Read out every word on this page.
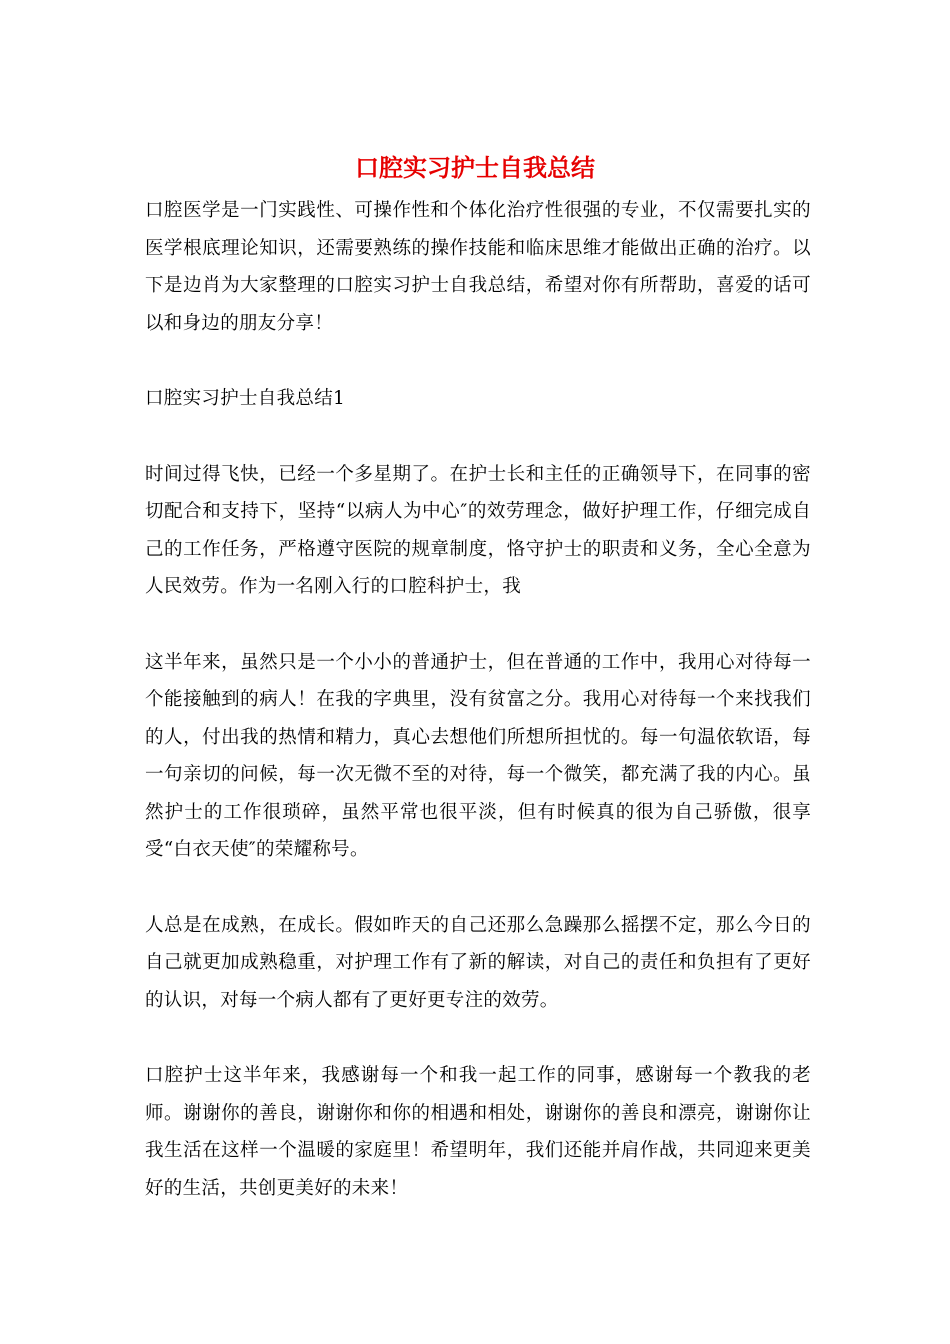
口腔实习护士自我总结

口腔医学是一门实践性、可操作性和个体化治疗性很强的专业，不仅需要扎实的医学根底理论知识，还需要熟练的操作技能和临床思维才能做出正确的治疗。以下是边肖为大家整理的口腔实习护士自我总结，希望对你有所帮助，喜爱的话可以和身边的朋友分享！

口腔实习护士自我总结1

时间过得飞快，已经一个多星期了。在护士长和主任的正确领导下，在同事的密切配合和支持下，坚持“以病人为中心″的效劳理念，做好护理工作，仔细完成自己的工作任务，严格遵守医院的规章制度，恪守护士的职责和义务，全心全意为人民效劳。作为一名刚入行的口腔科护士，我

这半年来，虽然只是一个小小的普通护士，但在普通的工作中，我用心对待每一个能接触到的病人！在我的字典里，没有贫富之分。我用心对待每一个来找我们的人，付出我的热情和精力，真心去想他们所想所担忧的。每一句温依软语，每一句亲切的问候，每一次无微不至的对待，每一个微笑，都充满了我的内心。虽然护士的工作很琐碎，虽然平常也很平淡，但有时候真的很为自己骄傲，很享受“白衣天使″的荣耀称号。

人总是在成熟，在成长。假如昨天的自己还那么急躁那么摇摆不定，那么今日的自己就更加成熟稳重，对护理工作有了新的解读，对自己的责任和负担有了更好的认识，对每一个病人都有了更好更专注的效劳。

口腔护士这半年来，我感谢每一个和我一起工作的同事，感谢每一个教我的老师。谢谢你的善良，谢谢你和你的相遇和相处，谢谢你的善良和漂亮，谢谢你让我生活在这样一个温暖的家庭里！希望明年，我们还能并肩作战，共同迎来更美好的生活，共创更美好的未来！
